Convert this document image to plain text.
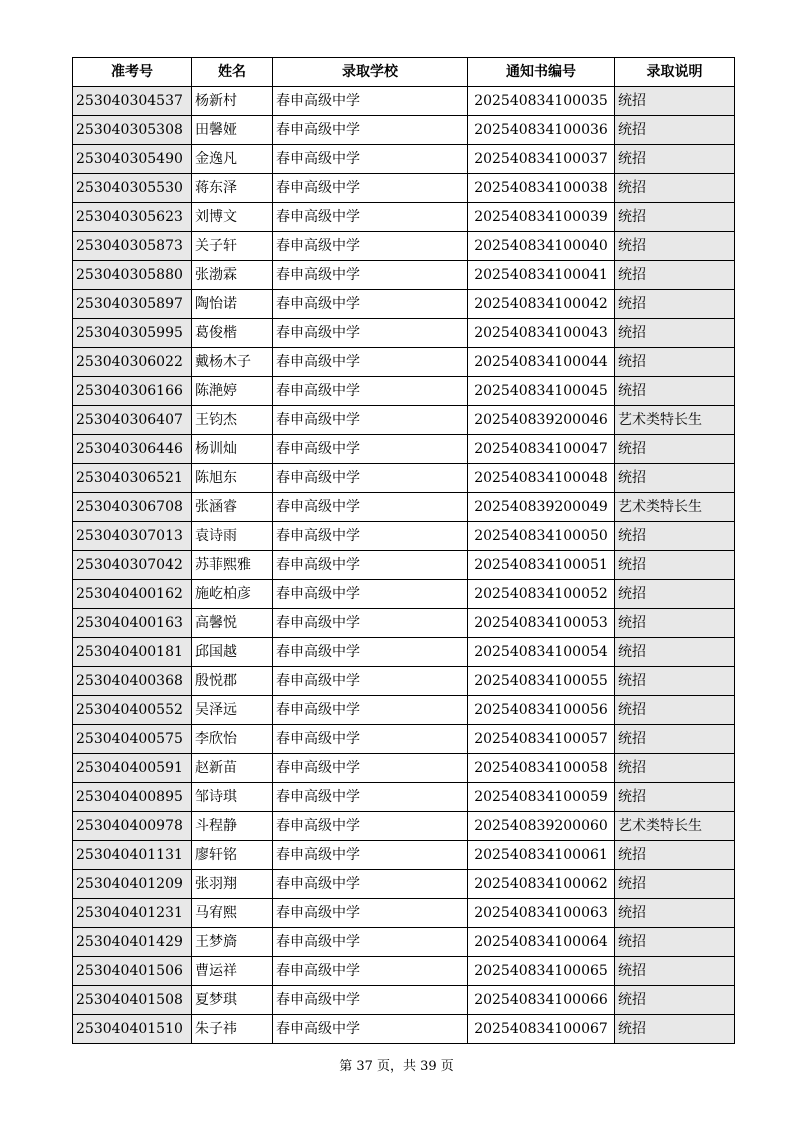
准考号	姓名	录取学校	通知书编号	录取说明
253040304537	杨新村	春申高级中学	202540834100035	统招
253040305308	田馨娅	春申高级中学	202540834100036	统招
253040305490	金逸凡	春申高级中学	202540834100037	统招
253040305530	蒋东泽	春申高级中学	202540834100038	统招
253040305623	刘博文	春申高级中学	202540834100039	统招
253040305873	关子轩	春申高级中学	202540834100040	统招
253040305880	张渤霖	春申高级中学	202540834100041	统招
253040305897	陶怡诺	春申高级中学	202540834100042	统招
253040305995	葛俊楷	春申高级中学	202540834100043	统招
253040306022	戴杨木子	春申高级中学	202540834100044	统招
253040306166	陈滟婷	春申高级中学	202540834100045	统招
253040306407	王钧杰	春申高级中学	202540839200046	艺术类特长生
253040306446	杨训灿	春申高级中学	202540834100047	统招
253040306521	陈旭东	春申高级中学	202540834100048	统招
253040306708	张涵睿	春申高级中学	202540839200049	艺术类特长生
253040307013	袁诗雨	春申高级中学	202540834100050	统招
253040307042	苏菲熙雅	春申高级中学	202540834100051	统招
253040400162	施屹柏彦	春申高级中学	202540834100052	统招
253040400163	高馨悦	春申高级中学	202540834100053	统招
253040400181	邱国越	春申高级中学	202540834100054	统招
253040400368	殷悦郡	春申高级中学	202540834100055	统招
253040400552	吴泽远	春申高级中学	202540834100056	统招
253040400575	李欣怡	春申高级中学	202540834100057	统招
253040400591	赵新苗	春申高级中学	202540834100058	统招
253040400895	邹诗琪	春申高级中学	202540834100059	统招
253040400978	斗程静	春申高级中学	202540839200060	艺术类特长生
253040401131	廖轩铭	春申高级中学	202540834100061	统招
253040401209	张羽翔	春申高级中学	202540834100062	统招
253040401231	马宥熙	春申高级中学	202540834100063	统招
253040401429	王梦旖	春申高级中学	202540834100064	统招
253040401506	曹运祥	春申高级中学	202540834100065	统招
253040401508	夏梦琪	春申高级中学	202540834100066	统招
253040401510	朱子祎	春申高级中学	202540834100067	统招
第 37 页，共 39 页
